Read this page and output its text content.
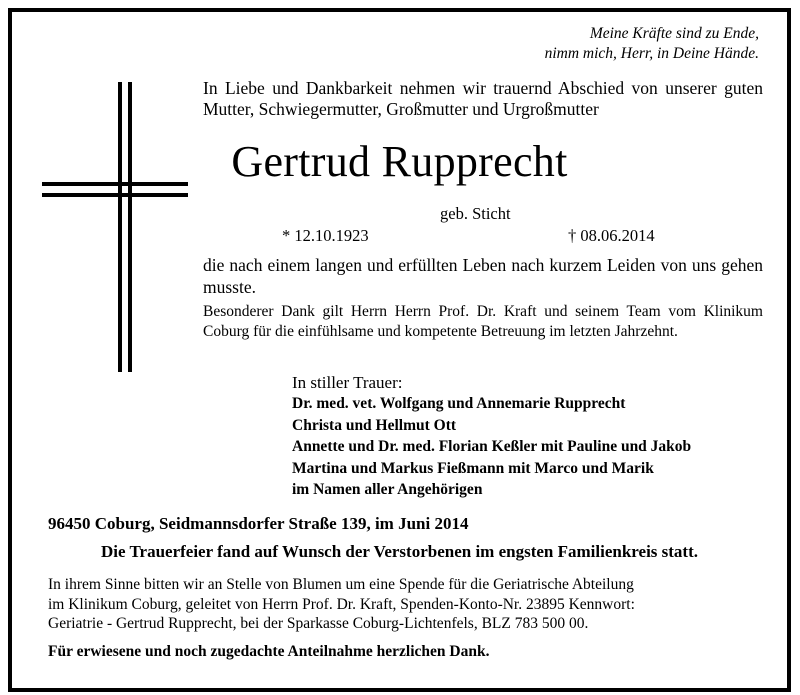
Meine Kräfte sind zu Ende,
nimm mich, Herr, in Deine Hände.
In Liebe und Dankbarkeit nehmen wir trauernd Abschied von unserer guten Mutter, Schwiegermutter, Großmutter und Urgroßmutter
Gertrud Rupprecht
geb. Sticht
* 12.10.1923	† 08.06.2014
die nach einem langen und erfüllten Leben nach kurzem Leiden von uns gehen musste.
Besonderer Dank gilt Herrn Herrn Prof. Dr. Kraft und seinem Team vom Klinikum Coburg für die einfühlsame und kompetente Betreuung im letzten Jahrzehnt.
In stiller Trauer:
Dr. med. vet. Wolfgang und Annemarie Rupprecht
Christa und Hellmut Ott
Annette und Dr. med. Florian Keßler mit Pauline und Jakob
Martina und Markus Fießmann mit Marco und Marik
im Namen aller Angehörigen
96450 Coburg, Seidmannsdorfer Straße 139, im Juni 2014
Die Trauerfeier fand auf Wunsch der Verstorbenen im engsten Familienkreis statt.
In ihrem Sinne bitten wir an Stelle von Blumen um eine Spende für die Geriatrische Abteilung
im Klinikum Coburg, geleitet von Herrn Prof. Dr. Kraft, Spenden-Konto-Nr. 23895 Kennwort:
Geriatrie - Gertrud Rupprecht, bei der Sparkasse Coburg-Lichtenfels, BLZ 783 500 00.
Für erwiesene und noch zugedachte Anteilnahme herzlichen Dank.
